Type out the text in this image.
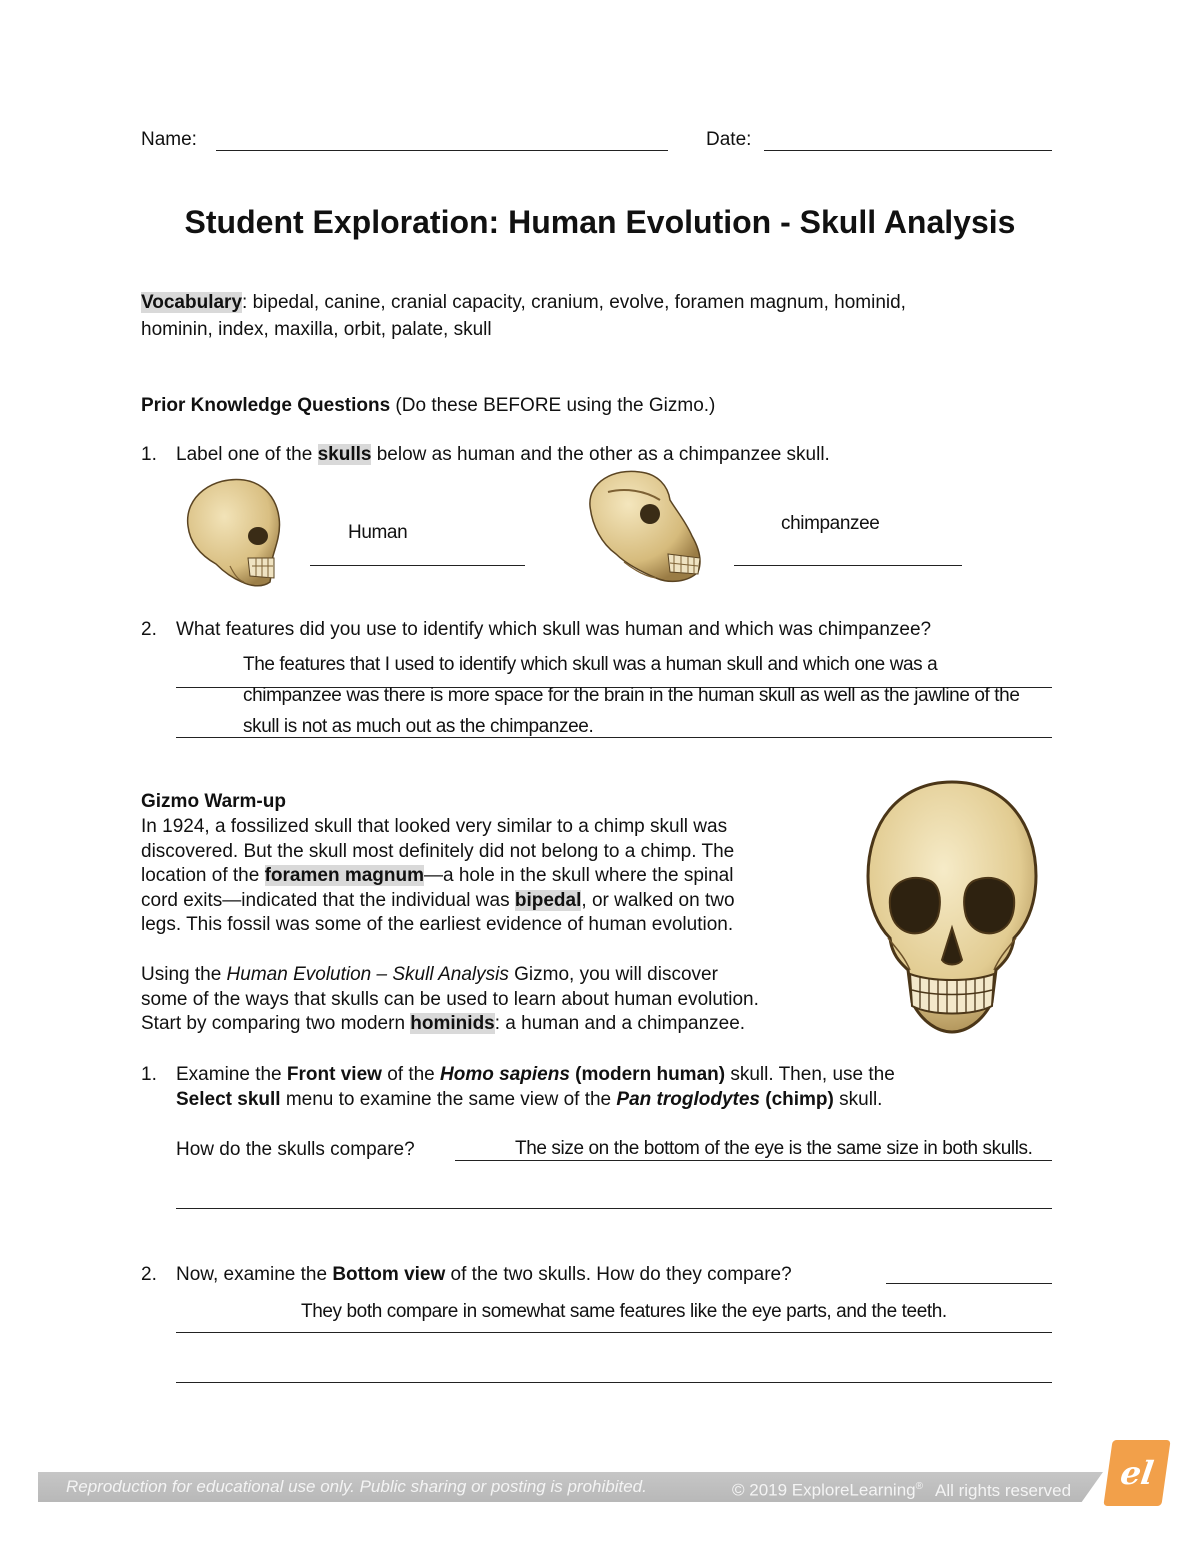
Name:	Date:
Student Exploration: Human Evolution - Skull Analysis
Vocabulary: bipedal, canine, cranial capacity, cranium, evolve, foramen magnum, hominid,
hominin, index, maxilla, orbit, palate, skull
Prior Knowledge Questions (Do these BEFORE using the Gizmo.)
1. Label one of the skulls below as human and the other as a chimpanzee skull.
Human	chimpanzee
2. What features did you use to identify which skull was human and which was chimpanzee?
The features that I used to identify which skull was a human skull and which one was a
chimpanzee was there is more space for the brain in the human skull as well as the jawline of the
skull is not as much out as the chimpanzee.
Gizmo Warm-up
In 1924, a fossilized skull that looked very similar to a chimp skull was
discovered. But the skull most definitely did not belong to a chimp. The
location of the foramen magnum—a hole in the skull where the spinal
cord exits—indicated that the individual was bipedal, or walked on two
legs. This fossil was some of the earliest evidence of human evolution.
Using the Human Evolution – Skull Analysis Gizmo, you will discover
some of the ways that skulls can be used to learn about human evolution.
Start by comparing two modern hominids: a human and a chimpanzee.
1. Examine the Front view of the Homo sapiens (modern human) skull. Then, use the
Select skull menu to examine the same view of the Pan troglodytes (chimp) skull.
How do the skulls compare?	The size on the bottom of the eye is the same size in both skulls.
2. Now, examine the Bottom view of the two skulls. How do they compare?
They both compare in somewhat same features like the eye parts, and the teeth.
Reproduction for educational use only. Public sharing or posting is prohibited.	© 2019 ExploreLearning® All rights reserved	el
